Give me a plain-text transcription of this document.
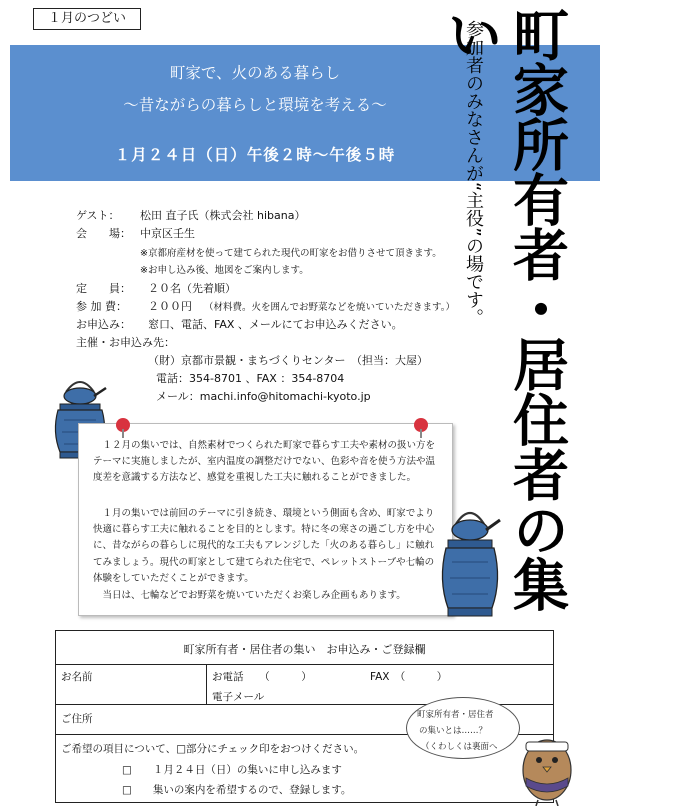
１月のつどい
町家で、火のある暮らし
〜昔ながらの暮らしと環境を考える〜
１月２４日（日）午後２時〜午後５時	町家所有者・居住者の集い
参加者のみなさんが“主役”の場です。
ゲスト： 松田 直子氏（株式会社 hibana）
会　　場： 中京区壬生
※京都府産材を使って建てられた現代の町家をお借りさせて頂きます。
※お申し込み後、地図をご案内します。
定　　員： ２０名（先着順）
参 加 費： ２００円 （材料費。火を囲んでお野菜などを焼いていただきます。）
お申込み： 窓口、電話、FAX 、メールにてお申込みください。
主催・お申込み先：
（財）京都市景観・まちづくりセンター　（担当：大屋）
電話：354-8701 、FAX ：354-8704
メール：machi.info@hitomachi-kyoto.jp

１２月の集いでは、自然素材でつくられた町家で暮らす工夫や素材の扱い方をテーマに実施しましたが、室内温度の調整だけでない、色彩や音を使う方法や温度差を意識する方法など、感覚を重視した工夫に触れることができました。

１月の集いでは前回のテーマに引き続き、環境という側面も含め、町家でより快適に暮らす工夫に触れることを目的とします。特に冬の寒さの過ごし方を中心に、昔ながらの暮らしに現代的な工夫もアレンジした「火のある暮らし」に触れてみましょう。現代の町家として建てられた住宅で、ペレットストーブや七輪の体験をしていただくことができます。

当日は、七輪などでお野菜を焼いていただくお楽しみ企画もあります。

町家所有者・居住者の集い　お申込み・ご登録欄
お名前	お電話　　（　　　）	FAX　（　　　）
電子メール
ご住所
ご希望の項目について、□部分にチェック印をおつけください。
□　　１月２４日（日）の集いに申し込みます
□　　集いの案内を希望するので、登録します。
町家所有者・居住者
の集いとは……？
（くわしくは裏面へ
